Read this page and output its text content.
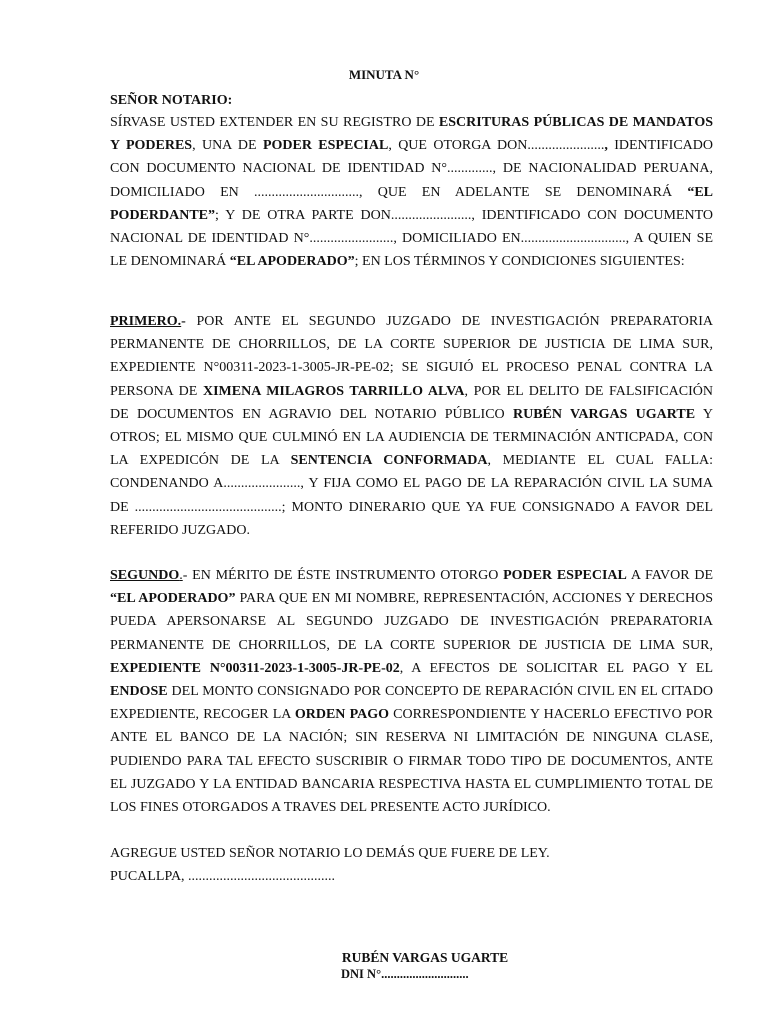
MINUTA N°
SEÑOR NOTARIO:
SÍRVASE USTED EXTENDER EN SU REGISTRO DE ESCRITURAS PÚBLICAS DE MANDATOS Y PODERES, UNA DE PODER ESPECIAL, QUE OTORGA DON......................, IDENTIFICADO CON DOCUMENTO NACIONAL DE IDENTIDAD N°............., DE NACIONALIDAD PERUANA, DOMICILIADO EN .............................., QUE EN ADELANTE SE DENOMINARÁ “EL PODERDANTE”; Y DE OTRA PARTE DON......................., IDENTIFICADO CON DOCUMENTO NACIONAL DE IDENTIDAD N°........................, DOMICILIADO EN.............................., A QUIEN SE LE DENOMINARÁ “EL APODERADO”; EN LOS TÉRMINOS Y CONDICIONES SIGUIENTES:
PRIMERO.- POR ANTE EL SEGUNDO JUZGADO DE INVESTIGACIÓN PREPARATORIA PERMANENTE DE CHORRILLOS, DE LA CORTE SUPERIOR DE JUSTICIA DE LIMA SUR, EXPEDIENTE N°00311-2023-1-3005-JR-PE-02; SE SIGUIÓ EL PROCESO PENAL CONTRA LA PERSONA DE XIMENA MILAGROS TARRILLO ALVA, POR EL DELITO DE FALSIFICACIÓN DE DOCUMENTOS EN AGRAVIO DEL NOTARIO PÚBLICO RUBÉN VARGAS UGARTE Y OTROS; EL MISMO QUE CULMINÓ EN LA AUDIENCIA DE TERMINACIÓN ANTICPADA, CON LA EXPEDICÓN DE LA SENTENCIA CONFORMADA, MEDIANTE EL CUAL FALLA: CONDENANDO A......................, Y FIJA COMO EL PAGO DE LA REPARACIÓN CIVIL LA SUMA DE ..........................................; MONTO DINERARIO QUE YA FUE CONSIGNADO A FAVOR DEL REFERIDO JUZGADO.
SEGUNDO.- EN MÉRITO DE ÉSTE INSTRUMENTO OTORGO PODER ESPECIAL A FAVOR DE “EL APODERADO” PARA QUE EN MI NOMBRE, REPRESENTACIÓN, ACCIONES Y DERECHOS PUEDA APERSONARSE AL SEGUNDO JUZGADO DE INVESTIGACIÓN PREPARATORIA PERMANENTE DE CHORRILLOS, DE LA CORTE SUPERIOR DE JUSTICIA DE LIMA SUR, EXPEDIENTE N°00311-2023-1-3005-JR-PE-02, A EFECTOS DE SOLICITAR EL PAGO Y EL ENDOSE DEL MONTO CONSIGNADO POR CONCEPTO DE REPARACIÓN CIVIL EN EL CITADO EXPEDIENTE, RECOGER LA ORDEN PAGO CORRESPONDIENTE Y HACERLO EFECTIVO POR ANTE EL BANCO DE LA NACIÓN; SIN RESERVA NI LIMITACIÓN DE NINGUNA CLASE, PUDIENDO PARA TAL EFECTO SUSCRIBIR O FIRMAR TODO TIPO DE DOCUMENTOS, ANTE EL JUZGADO Y LA ENTIDAD BANCARIA RESPECTIVA HASTA EL CUMPLIMIENTO TOTAL DE LOS FINES OTORGADOS A TRAVES DEL PRESENTE ACTO JURÍDICO.
AGREGUE USTED SEÑOR NOTARIO LO DEMÁS QUE FUERE DE LEY.
PUCALLPA, ..........................................
RUBÉN VARGAS UGARTE
DNI N°............................
